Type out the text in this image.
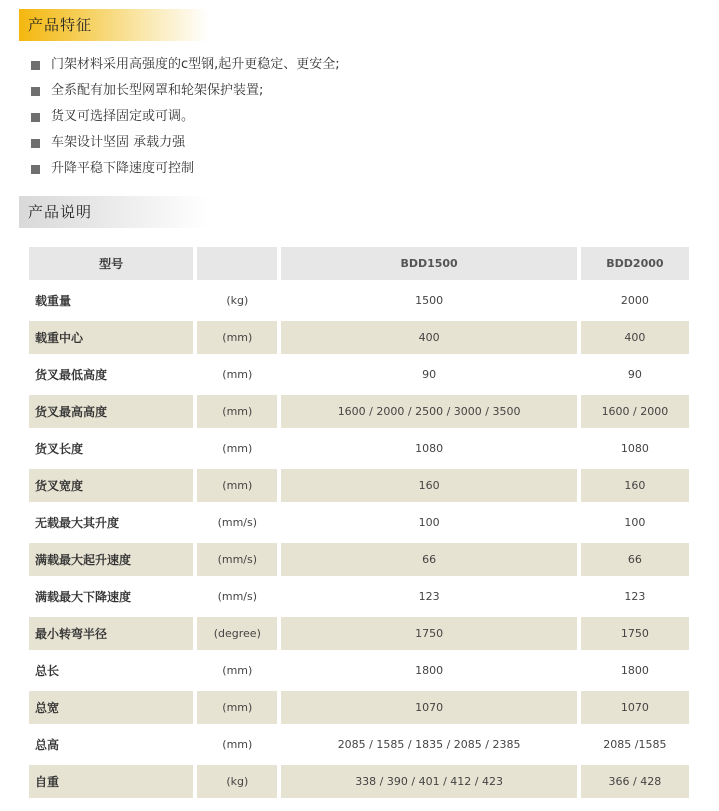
产品特征
门架材料采用高强度的c型钢,起升更稳定、更安全;
全系配有加长型网罩和轮架保护装置;
货叉可选择固定或可调。
车架设计坚固 承载力强
升降平稳下降速度可控制
产品说明
型号		BDD1500	BDD2000
载重量	(kg)	1500	2000
载重中心	(mm)	400	400
货叉最低高度	(mm)	90	90
货叉最高高度	(mm)	1600 / 2000 / 2500 / 3000 / 3500	1600 / 2000
货叉长度	(mm)	1080	1080
货叉宽度	(mm)	160	160
无载最大其升度	(mm/s)	100	100
满载最大起升速度	(mm/s)	66	66
满载最大下降速度	(mm/s)	123	123
最小转弯半径	(degree)	1750	1750
总长	(mm)	1800	1800
总宽	(mm)	1070	1070
总高	(mm)	2085 / 1585 / 1835 / 2085 / 2385	2085 /1585
自重	(kg)	338 / 390 / 401 / 412 / 423	366 / 428
